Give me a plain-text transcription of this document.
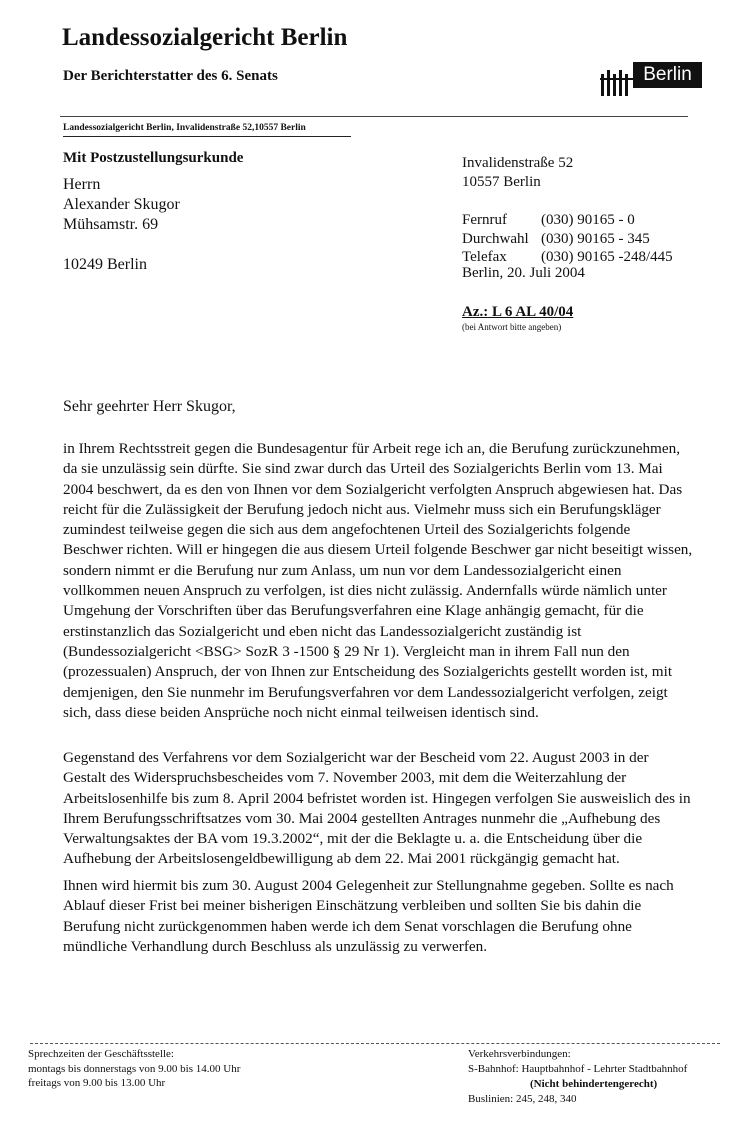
Landessozialgericht Berlin
Der Berichterstatter des 6. Senats	Berlin
Landessozialgericht Berlin, Invalidenstraße 52,10557 Berlin
Mit Postzustellungsurkunde
Herrn
Alexander Skugor
Mühsamstr. 69
10249 Berlin
Invalidenstraße 52
10557 Berlin
Fernruf	(030) 90165 - 0
Durchwahl (030) 90165 - 345
Telefax	(030) 90165 -248/445
Berlin, 20. Juli 2004
Az.: L 6 AL 40/04
(bei Antwort bitte angeben)
Sehr geehrter Herr Skugor,
in Ihrem Rechtsstreit gegen die Bundesagentur für Arbeit rege ich an, die Berufung zurückzunehmen, da sie unzulässig sein dürfte. Sie sind zwar durch das Urteil des Sozialgerichts Berlin vom 13. Mai 2004 beschwert, da es den von Ihnen vor dem Sozialgericht verfolgten Anspruch abgewiesen hat. Das reicht für die Zulässigkeit der Berufung jedoch nicht aus. Vielmehr muss sich ein Berufungskläger zumindest teilweise gegen die sich aus dem angefochtenen Urteil des Sozialgerichts folgende Beschwer richten. Will er hingegen die aus diesem Urteil folgende Beschwer gar nicht beseitigt wissen, sondern nimmt er die Berufung nur zum Anlass, um nun vor dem Landessozialgericht einen vollkommen neuen Anspruch zu verfolgen, ist dies nicht zulässig. Andernfalls würde nämlich unter Umgehung der Vorschriften über das Berufungsverfahren eine Klage anhängig gemacht, für die erstinstanzlich das Sozialgericht und eben nicht das Landessozialgericht zuständig ist (Bundessozialgericht <BSG> SozR 3 -1500 § 29 Nr 1). Vergleicht man in ihrem Fall nun den (prozessualen) Anspruch, der von Ihnen zur Entscheidung des Sozialgerichts gestellt worden ist, mit demjenigen, den Sie nunmehr im Berufungsverfahren vor dem Landessozialgericht verfolgen, zeigt sich, dass diese beiden Ansprüche noch nicht einmal teilweisen identisch sind.
Gegenstand des Verfahrens vor dem Sozialgericht war der Bescheid vom 22. August 2003 in der Gestalt des Widerspruchsbescheides vom 7. November 2003, mit dem die Weiterzahlung der Arbeitslosenhilfe bis zum 8. April 2004 befristet worden ist. Hingegen verfolgen Sie ausweislich des in Ihrem Berufungsschriftsatzes vom 30. Mai 2004 gestellten Antrages nunmehr die „Aufhebung des Verwaltungsaktes der BA vom 19.3.2002“, mit der die Beklagte u. a. die Entscheidung über die Aufhebung der Arbeitslosengeldbewilligung ab dem 22. Mai 2001 rückgängig gemacht hat.
Ihnen wird hiermit bis zum 30. August 2004 Gelegenheit zur Stellungnahme gegeben. Sollte es nach Ablauf dieser Frist bei meiner bisherigen Einschätzung verbleiben und sollten Sie bis dahin die Berufung nicht zurückgenommen haben werde ich dem Senat vorschlagen die Berufung ohne mündliche Verhandlung durch Beschluss als unzulässig zu verwerfen.
Sprechzeiten der Geschäftsstelle:
montags bis donnerstags von 9.00 bis 14.00 Uhr
freitags von 9.00 bis 13.00 Uhr
Verkehrsverbindungen:
S-Bahnhof: Hauptbahnhof - Lehrter Stadtbahnhof
(Nicht behindertengerecht)
Buslinien: 245, 248, 340
